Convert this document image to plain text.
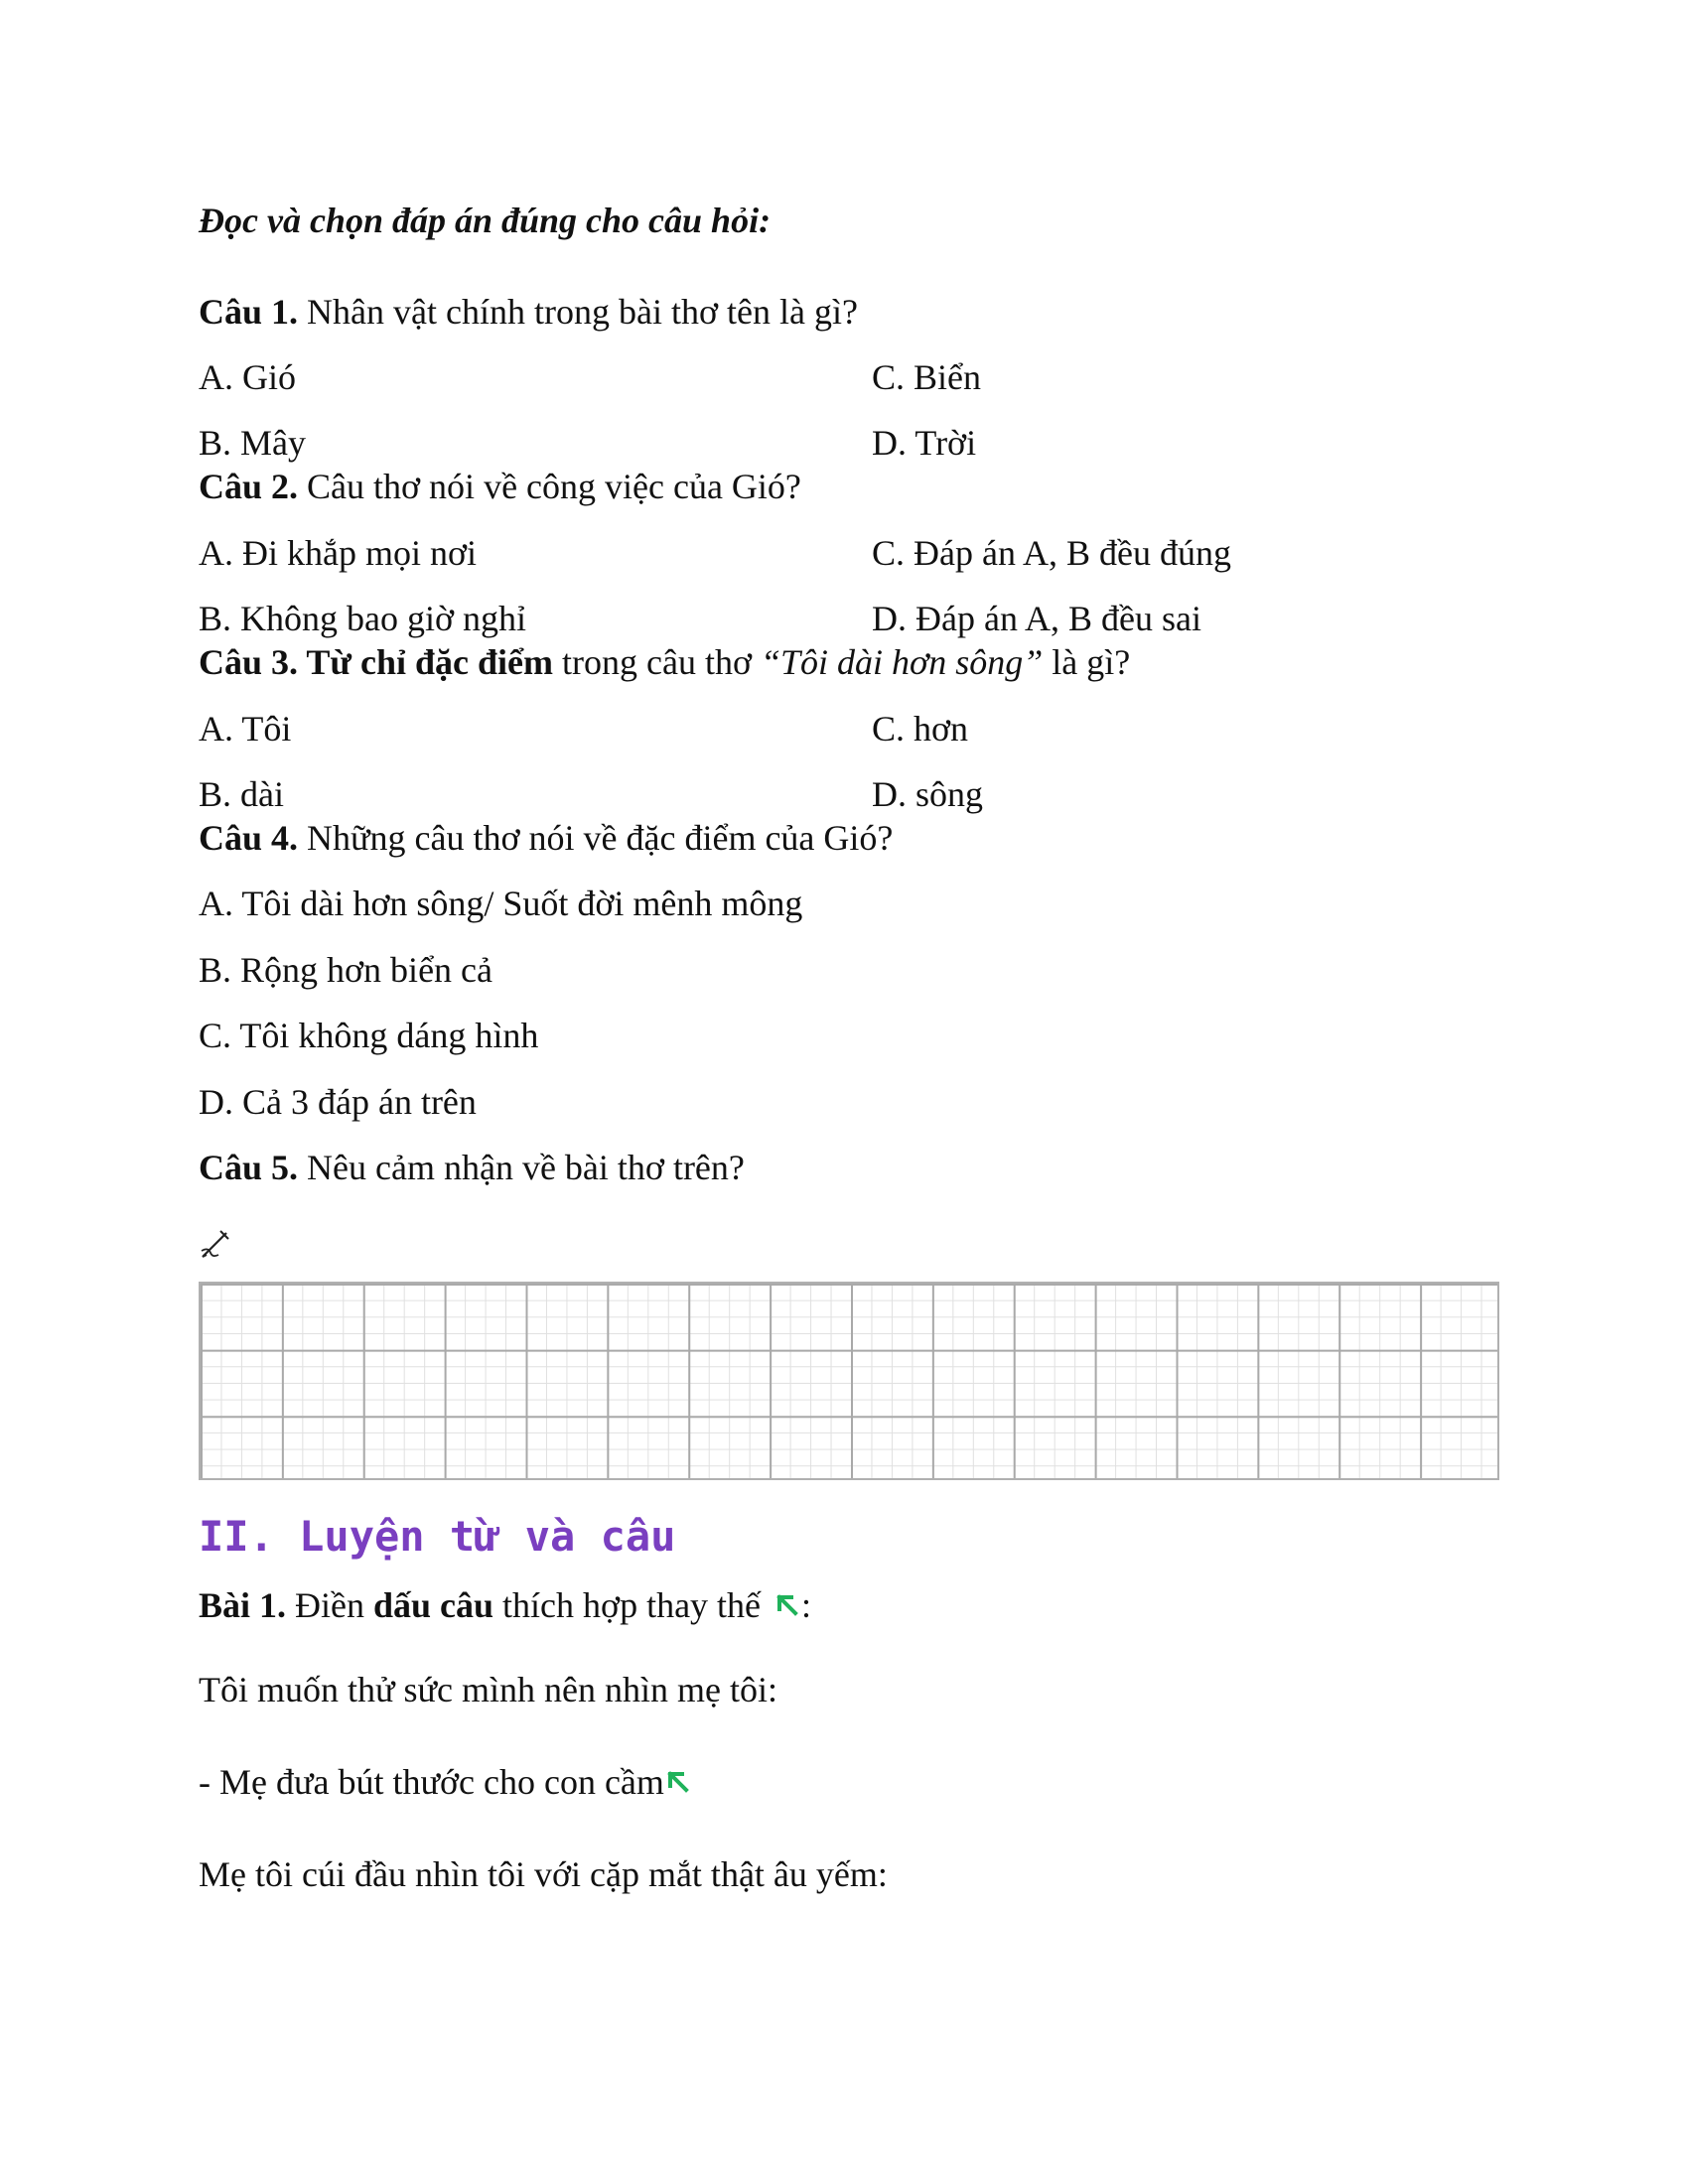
Đọc và chọn đáp án đúng cho câu hỏi:
Câu 1. Nhân vật chính trong bài thơ tên là gì?
A. Gió	C. Biển
B. Mây	D. Trời
Câu 2. Câu thơ nói về công việc của Gió?
A. Đi khắp mọi nơi	C. Đáp án A, B đều đúng
B. Không bao giờ nghỉ	D. Đáp án A, B đều sai
Câu 3. Từ chỉ đặc điểm trong câu thơ “Tôi dài hơn sông” là gì?
A. Tôi	C. hơn
B. dài	D. sông
Câu 4. Những câu thơ nói về đặc điểm của Gió?
A. Tôi dài hơn sông/ Suốt đời mênh mông
B. Rộng hơn biển cả
C. Tôi không dáng hình
D. Cả 3 đáp án trên
Câu 5. Nêu cảm nhận về bài thơ trên?
II. Luyện từ và câu
Bài 1. Điền dấu câu thích hợp thay thế :
Tôi muốn thử sức mình nên nhìn mẹ tôi:
- Mẹ đưa bút thước cho con cầm
Mẹ tôi cúi đầu nhìn tôi với cặp mắt thật âu yếm:
